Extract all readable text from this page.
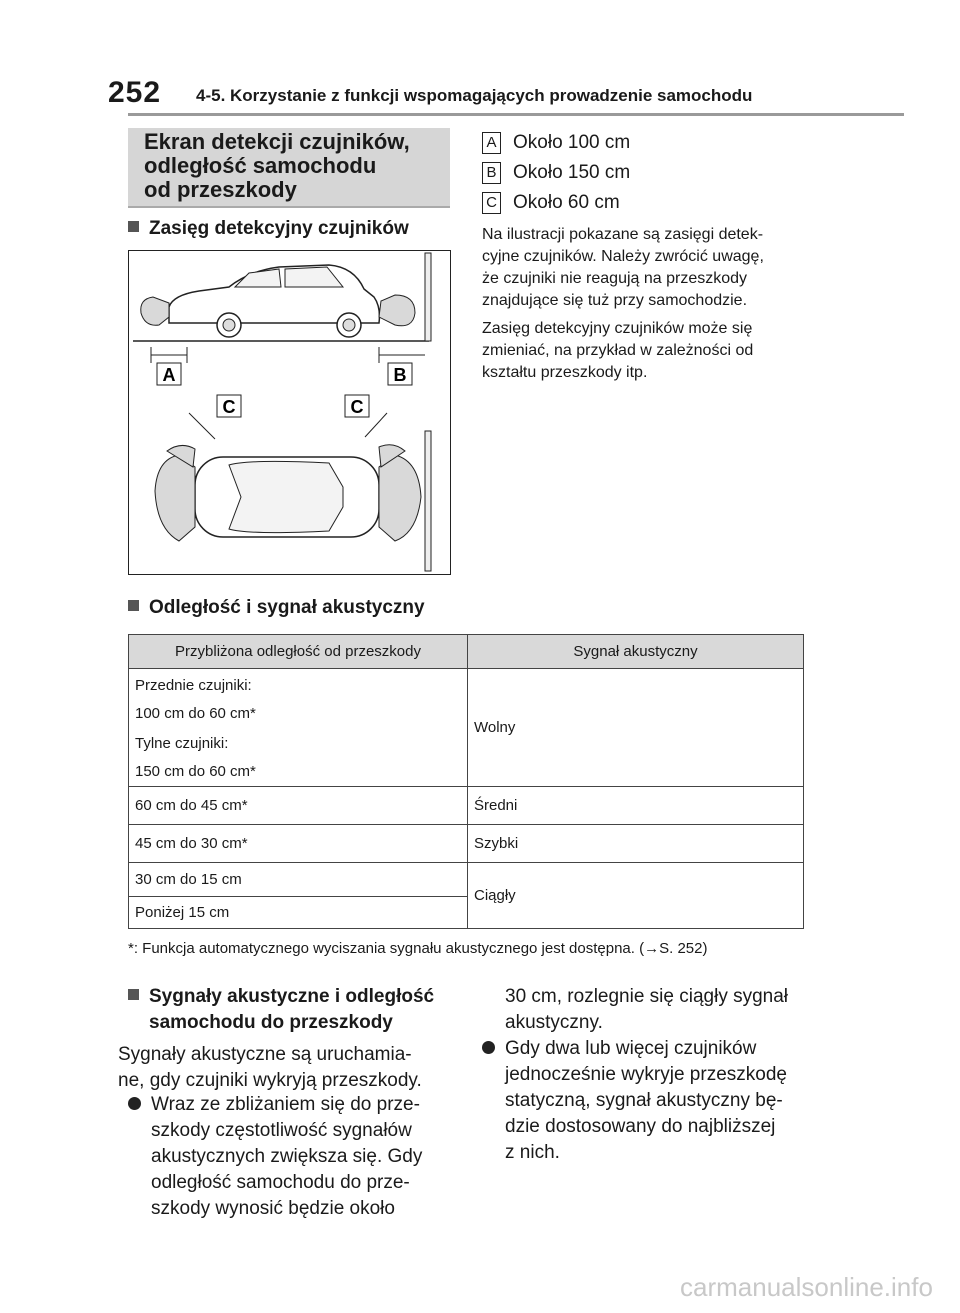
252 4-5. Korzystanie z funkcji wspomagających prowadzenie samochodu
Ekran detekcji czujników,
odległość samochodu
od przeszkody
Zasięg detekcyjny czujników
A	B
C	C
A Około 100 cm
B Około 150 cm
C Około 60 cm
Na ilustracji pokazane są zasięgi detek-
cyjne czujników. Należy zwrócić uwagę,
że czujniki nie reagują na przeszkody
znajdujące się tuż przy samochodzie.
Zasięg detekcyjny czujników może się
zmieniać, na przykład w zależności od
kształtu przeszkody itp.
Odległość i sygnał akustyczny
Przybliżona odległość od przeszkody	Sygnał akustyczny

Przednie czujniki:
100 cm do 60 cm*
Tylne czujniki:
150 cm do 60 cm*	Wolny
60 cm do 45 cm*	Średni
45 cm do 30 cm*	Szybki
30 cm do 15 cm	Ciągły
Poniżej 15 cm	
*: Funkcja automatycznego wyciszania sygnału akustycznego jest dostępna. (→S. 252)
Sygnały akustyczne i odległość
samochodu do przeszkody
Sygnały akustyczne są uruchamia-
ne, gdy czujniki wykryją przeszkody.
Wraz ze zbliżaniem się do prze-
szkody częstotliwość sygnałów
akustycznych zwiększa się. Gdy
odległość samochodu do prze-
szkody wynosić będzie około
30 cm, rozlegnie się ciągły sygnał
akustyczny.
Gdy dwa lub więcej czujników
jednocześnie wykryje przeszkodę
statyczną, sygnał akustyczny bę-
dzie dostosowany do najbliższej
z nich.
carmanualsonline.info
